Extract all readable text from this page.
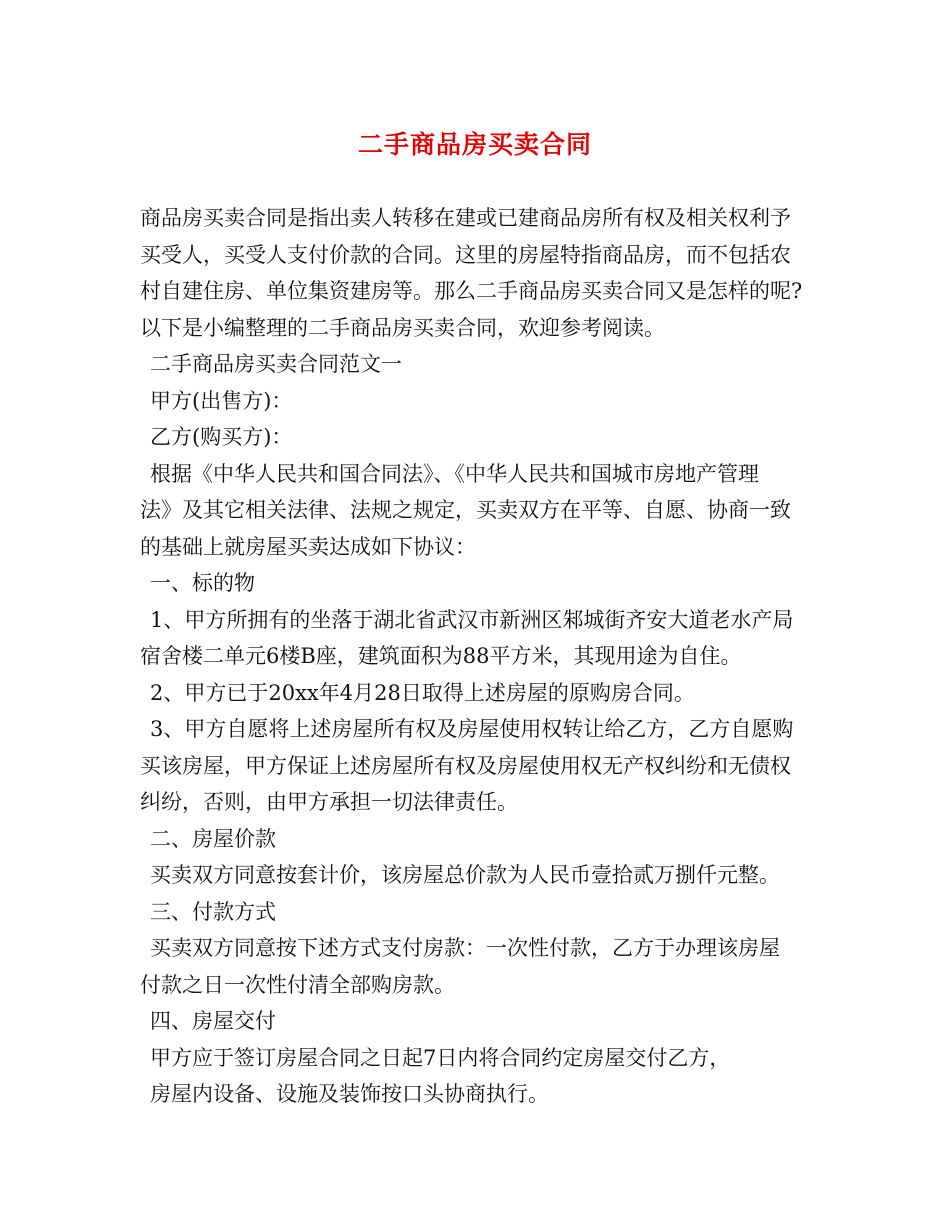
二手商品房买卖合同

商品房买卖合同是指出卖人转移在建或已建商品房所有权及相关权利予

买受人，买受人支付价款的合同。这里的房屋特指商品房，而不包括农

村自建住房、单位集资建房等。那么二手商品房买卖合同又是怎样的呢?

以下是小编整理的二手商品房买卖合同，欢迎参考阅读。

二手商品房买卖合同范文一

甲方(出售方)：

乙方(购买方)：

根据《中华人民共和国合同法》、《中华人民共和国城市房地产管理

法》及其它相关法律、法规之规定，买卖双方在平等、自愿、协商一致

的基础上就房屋买卖达成如下协议：

一、标的物

1、甲方所拥有的坐落于湖北省武汉市新洲区邾城街齐安大道老水产局

宿舍楼二单元6楼B座，建筑面积为88平方米，其现用途为自住。

2、甲方已于20xx年4月28日取得上述房屋的原购房合同。

3、甲方自愿将上述房屋所有权及房屋使用权转让给乙方，乙方自愿购

买该房屋，甲方保证上述房屋所有权及房屋使用权无产权纠纷和无债权

纠纷，否则，由甲方承担一切法律责任。

二、房屋价款

买卖双方同意按套计价，该房屋总价款为人民币壹拾贰万捌仟元整。

三、付款方式

买卖双方同意按下述方式支付房款：一次性付款，乙方于办理该房屋

付款之日一次性付清全部购房款。

四、房屋交付

甲方应于签订房屋合同之日起7日内将合同约定房屋交付乙方，

房屋内设备、设施及装饰按口头协商执行。
